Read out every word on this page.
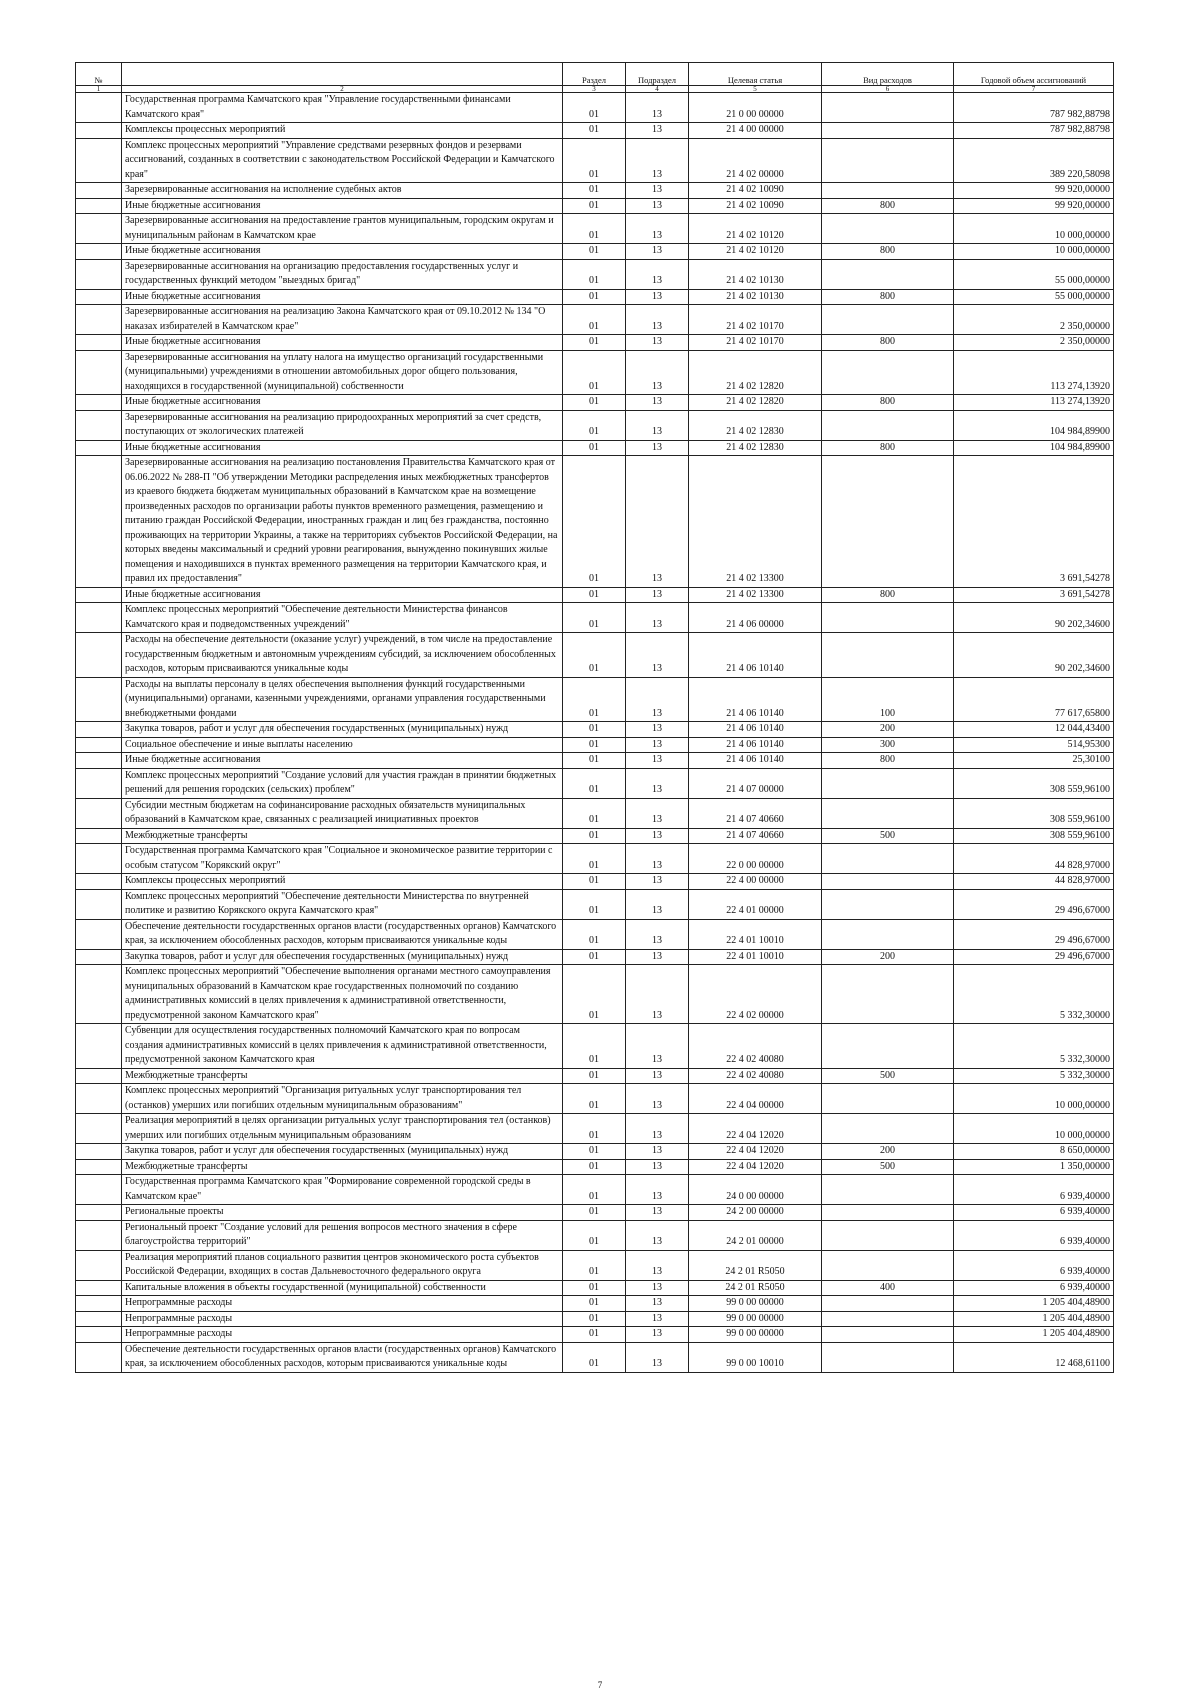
№		Раздел	Подраздел	Целевая статья	Вид расходов	Годовой объем ассигнований
1	2	3	4	5	6	7
	Государственная программа Камчатского края "Управление государственными финансами Камчатского края"	01	13	21 0 00 00000		787 982,88798
	Комплексы процессных мероприятий	01	13	21 4 00 00000		787 982,88798
	Комплекс процессных мероприятий "Управление средствами резервных фондов и резервами ассигнований, созданных в соответствии с законодательством Российской Федерации и Камчатского края"	01	13	21 4 02 00000		389 220,58098
	Зарезервированные ассигнования на исполнение судебных актов	01	13	21 4 02 10090		99 920,00000
	Иные бюджетные ассигнования	01	13	21 4 02 10090	800	99 920,00000
	Зарезервированные ассигнования на предоставление грантов муниципальным, городским округам и муниципальным районам в Камчатском крае	01	13	21 4 02 10120		10 000,00000
	Иные бюджетные ассигнования	01	13	21 4 02 10120	800	10 000,00000
	Зарезервированные ассигнования на организацию предоставления государственных услуг и государственных функций методом "выездных бригад"	01	13	21 4 02 10130		55 000,00000
	Иные бюджетные ассигнования	01	13	21 4 02 10130	800	55 000,00000
	Зарезервированные ассигнования на реализацию Закона Камчатского края от 09.10.2012 № 134 "О наказах избирателей в Камчатском крае"	01	13	21 4 02 10170		2 350,00000
	Иные бюджетные ассигнования	01	13	21 4 02 10170	800	2 350,00000
	Зарезервированные ассигнования на уплату налога на имущество организаций государственными (муниципальными) учреждениями в отношении автомобильных дорог общего пользования, находящихся в государственной (муниципальной) собственности	01	13	21 4 02 12820		113 274,13920
	Иные бюджетные ассигнования	01	13	21 4 02 12820	800	113 274,13920
	Зарезервированные ассигнования на реализацию природоохранных мероприятий за счет средств, поступающих от экологических платежей	01	13	21 4 02 12830		104 984,89900
	Иные бюджетные ассигнования	01	13	21 4 02 12830	800	104 984,89900
	Зарезервированные ассигнования на реализацию постановления Правительства Камчатского края от 06.06.2022 № 288-П "Об утверждении Методики распределения иных межбюджетных трансфертов из краевого бюджета бюджетам муниципальных образований в Камчатском крае на возмещение произведенных расходов по организации работы пунктов временного размещения, размещению и питанию граждан Российской Федерации, иностранных граждан и лиц без гражданства, постоянно проживающих на территории Украины, а также на территориях субъектов Российской Федерации, на которых введены максимальный и средний уровни реагирования, вынужденно покинувших жилые помещения и находившихся в пунктах временного размещения на территории Камчатского края, и правил их предоставления"	01	13	21 4 02 13300		3 691,54278
	Иные бюджетные ассигнования	01	13	21 4 02 13300	800	3 691,54278
	Комплекс процессных мероприятий "Обеспечение деятельности Министерства финансов Камчатского края и подведомственных учреждений"	01	13	21 4 06 00000		90 202,34600
	Расходы на обеспечение деятельности (оказание услуг) учреждений, в том числе на предоставление государственным бюджетным и автономным учреждениям субсидий, за исключением обособленных расходов, которым присваиваются уникальные коды	01	13	21 4 06 10140		90 202,34600
	Расходы на выплаты персоналу в целях обеспечения выполнения функций государственными (муниципальными) органами, казенными учреждениями, органами управления государственными внебюджетными фондами	01	13	21 4 06 10140	100	77 617,65800
	Закупка товаров, работ и услуг для обеспечения государственных (муниципальных) нужд	01	13	21 4 06 10140	200	12 044,43400
	Социальное обеспечение и иные выплаты населению	01	13	21 4 06 10140	300	514,95300
	Иные бюджетные ассигнования	01	13	21 4 06 10140	800	25,30100
	Комплекс процессных мероприятий "Создание условий для участия граждан в принятии бюджетных решений для решения городских (сельских) проблем"	01	13	21 4 07 00000		308 559,96100
	Субсидии местным бюджетам на софинансирование расходных обязательств муниципальных образований в Камчатском крае, связанных с реализацией инициативных проектов	01	13	21 4 07 40660		308 559,96100
	Межбюджетные трансферты	01	13	21 4 07 40660	500	308 559,96100
	Государственная программа Камчатского края "Социальное и экономическое развитие территории с особым статусом "Корякский округ"	01	13	22 0 00 00000		44 828,97000
	Комплексы процессных мероприятий	01	13	22 4 00 00000		44 828,97000
	Комплекс процессных мероприятий "Обеспечение деятельности Министерства по внутренней политике и развитию Корякского округа Камчатского края"	01	13	22 4 01 00000		29 496,67000
	Обеспечение деятельности государственных органов власти (государственных органов) Камчатского края, за исключением обособленных расходов, которым присваиваются уникальные коды	01	13	22 4 01 10010		29 496,67000
	Закупка товаров, работ и услуг для обеспечения государственных (муниципальных) нужд	01	13	22 4 01 10010	200	29 496,67000
	Комплекс процессных мероприятий "Обеспечение выполнения органами местного самоуправления муниципальных образований в Камчатском крае государственных полномочий по созданию административных комиссий в целях привлечения к административной ответственности, предусмотренной законом Камчатского края"	01	13	22 4 02 00000		5 332,30000
	Субвенции для осуществления государственных полномочий Камчатского края по вопросам создания административных комиссий в целях привлечения к административной ответственности, предусмотренной законом Камчатского края	01	13	22 4 02 40080		5 332,30000
	Межбюджетные трансферты	01	13	22 4 02 40080	500	5 332,30000
	Комплекс процессных мероприятий "Организация ритуальных услуг транспортирования тел (останков) умерших или погибших отдельным муниципальным образованиям"	01	13	22 4 04 00000		10 000,00000
	Реализация мероприятий в целях организации ритуальных услуг транспортирования тел (останков) умерших или погибших отдельным муниципальным образованиям	01	13	22 4 04 12020		10 000,00000
	Закупка товаров, работ и услуг для обеспечения государственных (муниципальных) нужд	01	13	22 4 04 12020	200	8 650,00000
	Межбюджетные трансферты	01	13	22 4 04 12020	500	1 350,00000
	Государственная программа Камчатского края "Формирование современной городской среды в Камчатском крае"	01	13	24 0 00 00000		6 939,40000
	Региональные проекты	01	13	24 2 00 00000		6 939,40000
	Региональный проект "Создание условий для решения вопросов местного значения в сфере благоустройства территорий"	01	13	24 2 01 00000		6 939,40000
	Реализация мероприятий планов социального развития центров экономического роста субъектов Российской Федерации, входящих в состав Дальневосточного федерального округа	01	13	24 2 01 R5050		6 939,40000
	Капитальные вложения в объекты государственной (муниципальной) собственности	01	13	24 2 01 R5050	400	6 939,40000
	Непрограммные расходы	01	13	99 0 00 00000		1 205 404,48900
	Непрограммные расходы	01	13	99 0 00 00000		1 205 404,48900
	Непрограммные расходы	01	13	99 0 00 00000		1 205 404,48900
	Обеспечение деятельности государственных органов власти (государственных органов) Камчатского края, за исключением обособленных расходов, которым присваиваются уникальные коды	01	13	99 0 00 10010		12 468,61100
7
